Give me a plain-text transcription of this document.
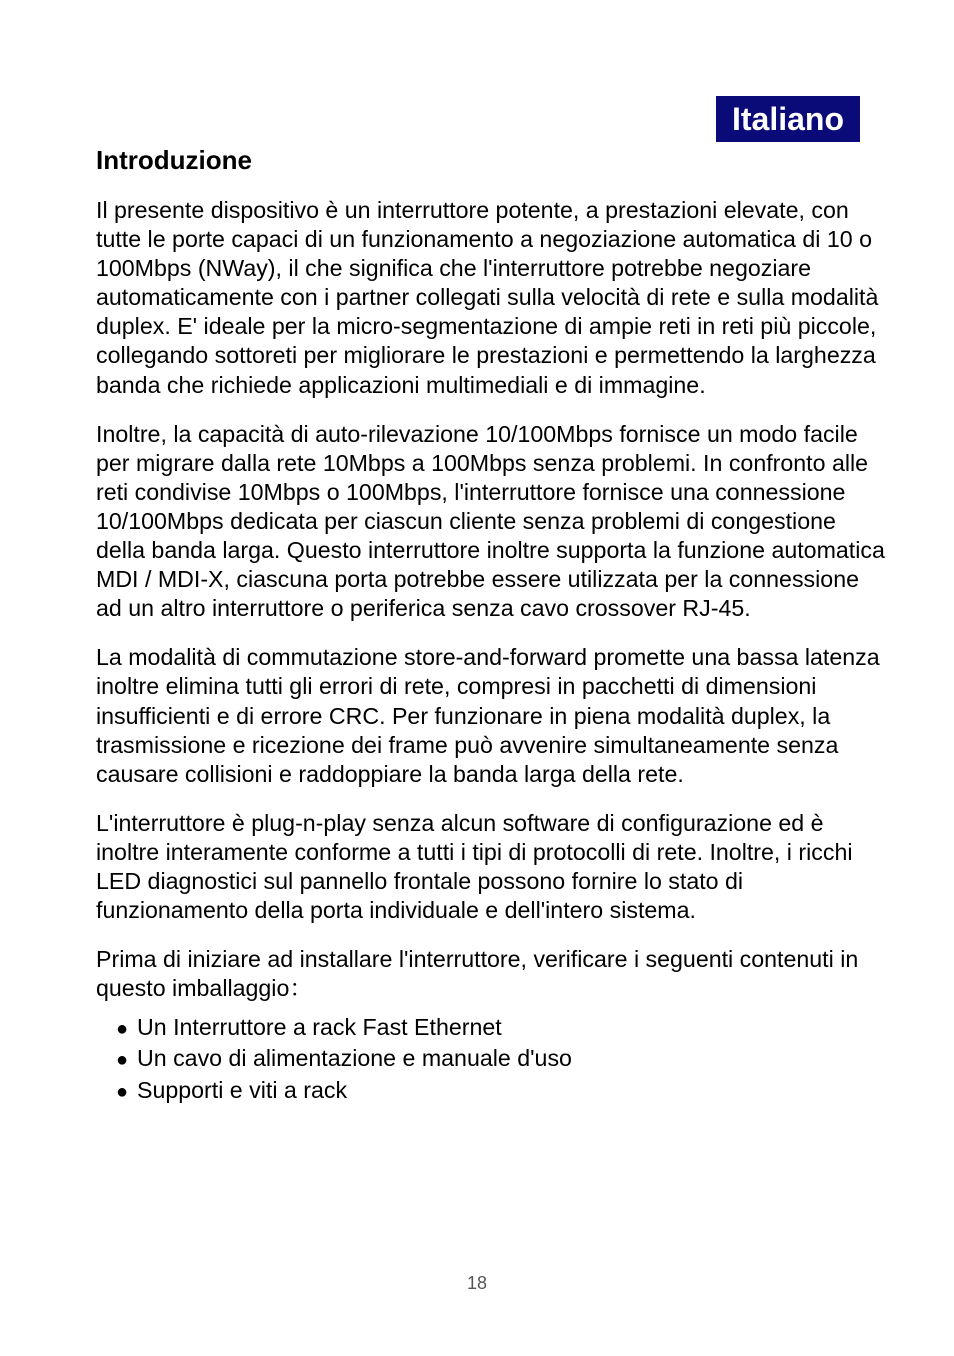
Italiano
Introduzione

Il presente dispositivo è un interruttore potente, a prestazioni elevate, con tutte le porte capaci di un funzionamento a negoziazione automatica di 10 o 100Mbps (NWay), il che significa che l'interruttore potrebbe negoziare automaticamente con i partner collegati sulla velocità di rete e sulla modalità duplex. E' ideale per la micro-segmentazione di ampie reti in reti più piccole, collegando sottoreti per migliorare le prestazioni e permettendo la larghezza banda che richiede applicazioni multimediali e di immagine.

Inoltre, la capacità di auto-rilevazione 10/100Mbps fornisce un modo facile per migrare dalla rete 10Mbps a 100Mbps senza problemi. In confronto alle reti condivise 10Mbps o 100Mbps, l'interruttore fornisce una connessione 10/100Mbps dedicata per ciascun cliente senza problemi di congestione della banda larga. Questo interruttore inoltre supporta la funzione automatica MDI / MDI-X, ciascuna porta potrebbe essere utilizzata per la connessione ad un altro interruttore o periferica senza cavo crossover RJ-45.

La modalità di commutazione store-and-forward promette una bassa latenza inoltre elimina tutti gli errori di rete, compresi in pacchetti di dimensioni insufficienti e di errore CRC. Per funzionare in piena modalità duplex, la trasmissione e ricezione dei frame può avvenire simultaneamente senza causare collisioni e raddoppiare la banda larga della rete.

L'interruttore è plug-n-play senza alcun software di configurazione ed è inoltre interamente conforme a tutti i tipi di protocolli di rete. Inoltre, i ricchi LED diagnostici sul pannello frontale possono fornire lo stato di funzionamento della porta individuale e dell'intero sistema.

Prima di iniziare ad installare l'interruttore, verificare i seguenti contenuti in questo imballaggio：

● Un Interruttore a rack Fast Ethernet
● Un cavo di alimentazione e manuale d'uso
● Supporti e viti a rack
18
